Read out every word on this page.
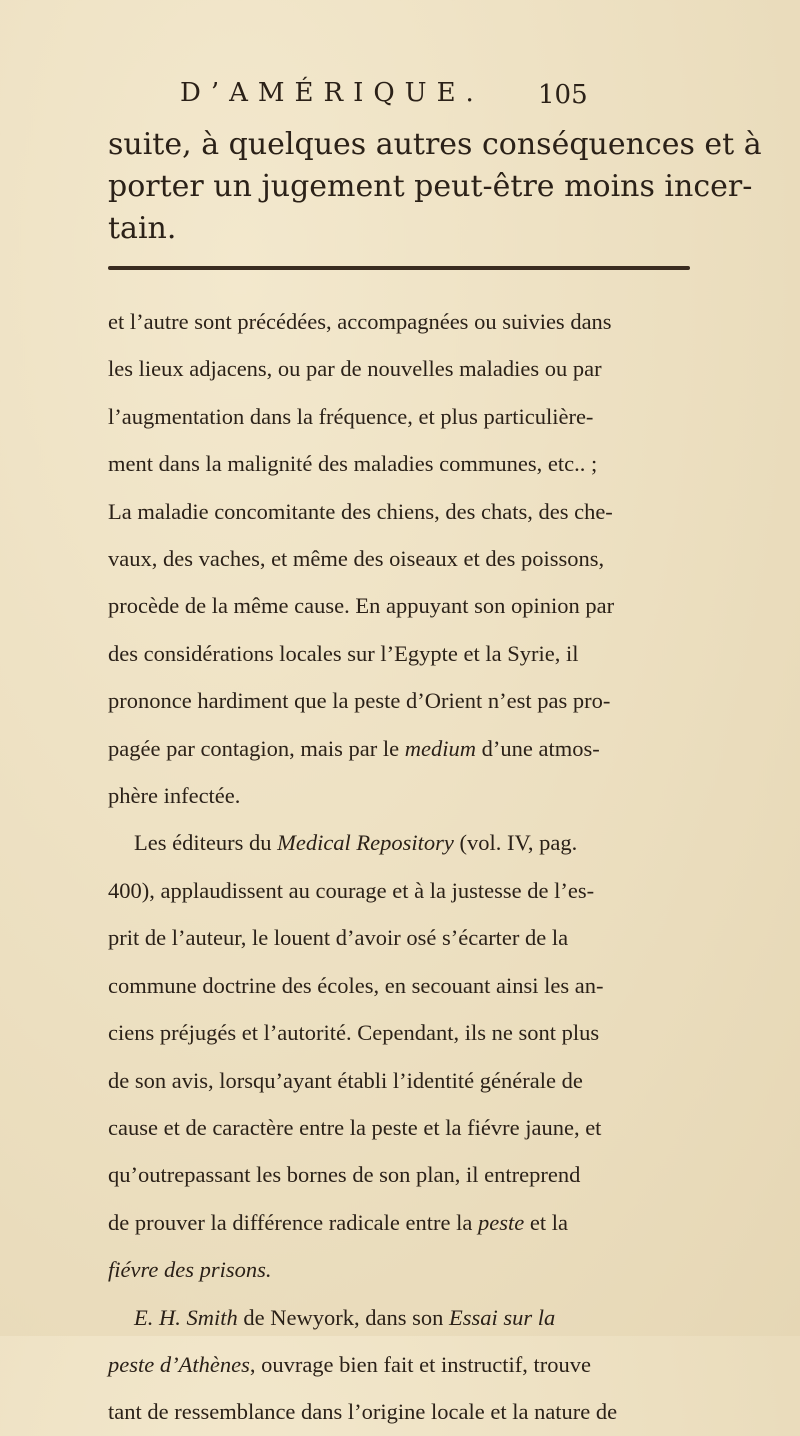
D’AMÉRIQUE.	105
suite, à quelques autres conséquences et à
porter un jugement peut-être moins incer-
tain.
et l’autre sont précédées, accompagnées ou suivies dans
les lieux adjacens, ou par de nouvelles maladies ou par
l’augmentation dans la fréquence, et plus particulière-
ment dans la malignité des maladies communes, etc.. ;
La maladie concomitante des chiens, des chats, des che-
vaux, des vaches, et même des oiseaux et des poissons,
procède de la même cause. En appuyant son opinion par
des considérations locales sur l’Egypte et la Syrie, il
prononce hardiment que la peste d’Orient n’est pas pro-
pagée par contagion, mais par le medium d’une atmos-
phère infectée.
Les éditeurs du Medical Repository (vol. IV, pag.
400), applaudissent au courage et à la justesse de l’es-
prit de l’auteur, le louent d’avoir osé s’écarter de la
commune doctrine des écoles, en secouant ainsi les an-
ciens préjugés et l’autorité. Cependant, ils ne sont plus
de son avis, lorsqu’ayant établi l’identité générale de
cause et de caractère entre la peste et la fiévre jaune, et
qu’outrepassant les bornes de son plan, il entreprend
de prouver la différence radicale entre la peste et la
fiévre des prisons.
E. H. Smith de Newyork, dans son Essai sur la
peste d’Athènes, ouvrage bien fait et instructif, trouve
tant de ressemblance dans l’origine locale et la nature de
